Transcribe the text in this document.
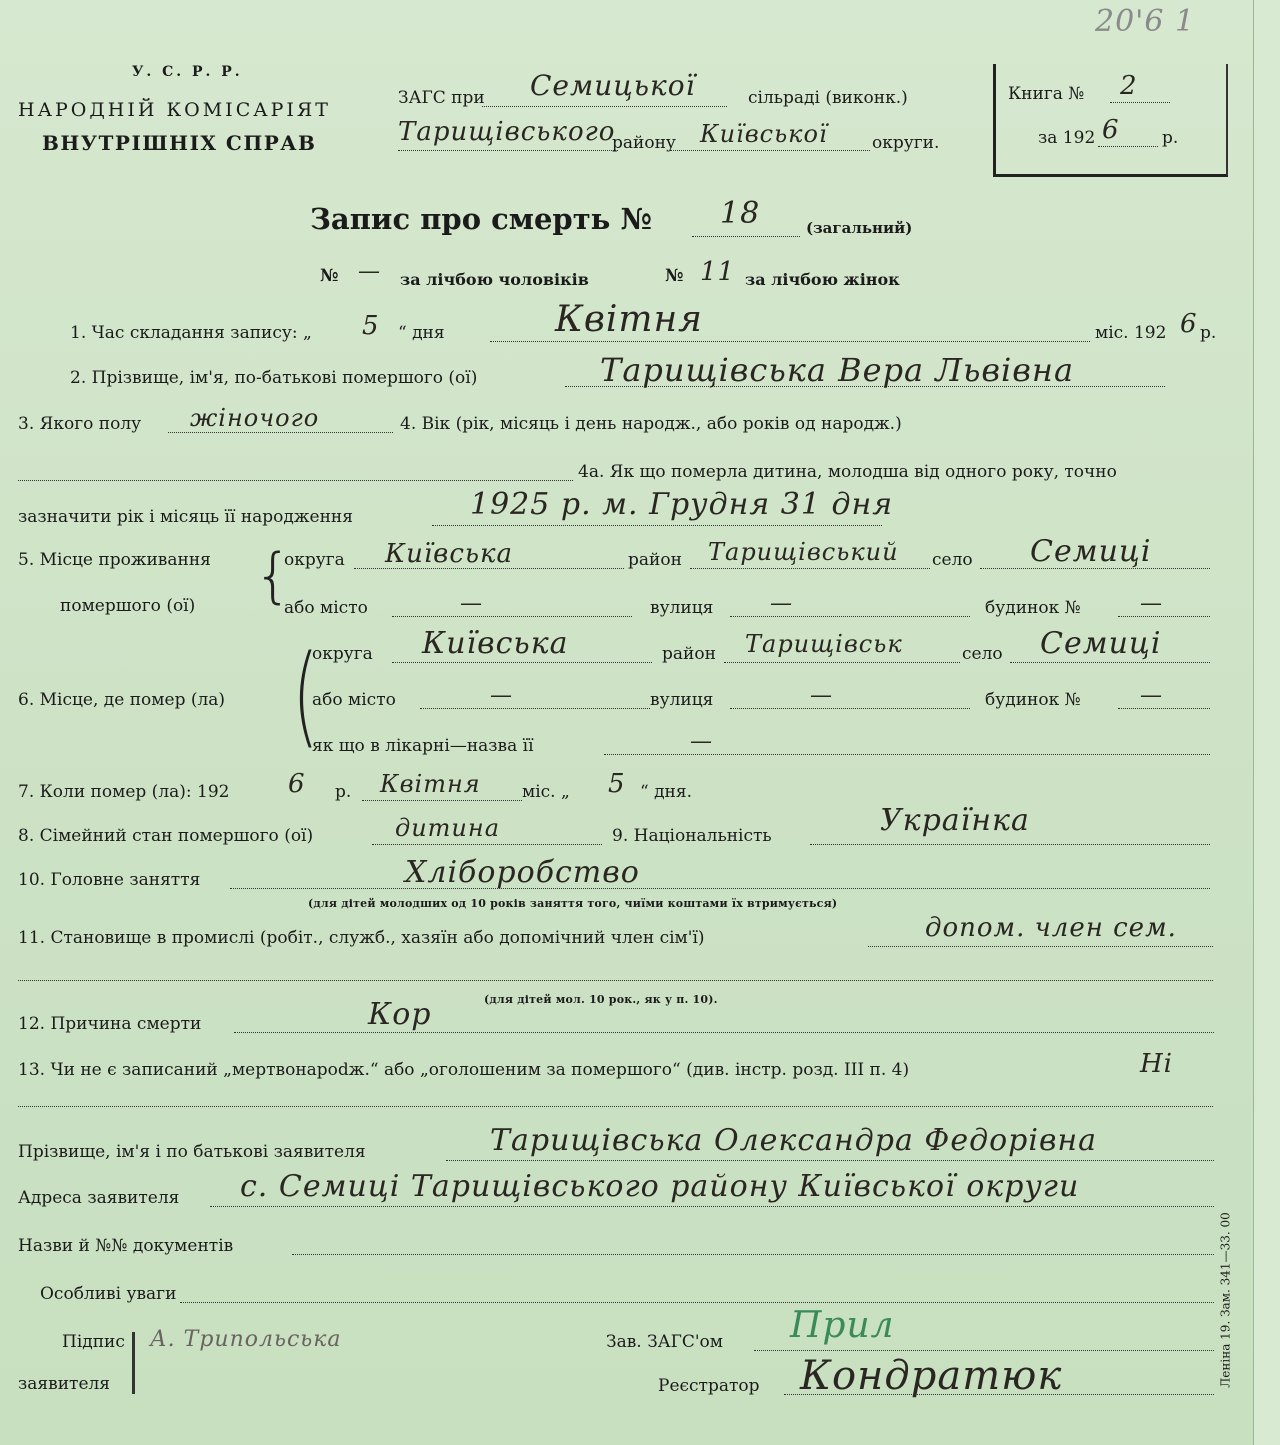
У. С. Р. Р.
НАРОДНІЙ КОМІСАРІЯТ
ВНУТРІШНІХ СПРАВ
ЗАГС при Семицької	сільраді (виконк.)
Тарищівського
району Київської	округи.
20'6 1
Книга № 2
за 192 6 р.
Запис про смерть № 18	(загальний)
№ — за лічбою чоловіків	№ 11 за лічбою жінок
1. Час складання запису: „ 5 “ дня	Квітня	міс. 192 6 р.
2. Прізвище, ім'я, по-батькові помершого (ої)	Тарищівська Вера Львівна
3. Якого полу жіночого	4. Вік (рік, місяць і день народж., або років од народж.)
4а. Як що померла дитина, молодша від одного року, точно
зазначити рік і місяць її народження	1925 р. м. Грудня 31 дня
5. Місце проживання
помершого (ої) {
округа Київська	район Тарищівський село Семиці
або місто	—	вулиця	—	будинок №	—
6. Місце, де помер (ла) (
округа Київська	район Тарищівськ	село Семиці
або місто	—	вулиця	—	будинок №	—
як що в лікарні—назва її	—
7. Коли помер (ла): 192 6 р. Квітня міс. „ 5 “ дня.
8. Сімейний стан помершого (ої)	дитина	9. Національність	Українка
10. Головне заняття	Хліборобство
(для дітей молодших од 10 років заняття того, чиїми коштами їх втримується)
11. Становище в промислі (робіт., служб., хазяїн або допомічний член сім'ї)	допом. член сем.
(для дітей мол. 10 рок., як у п. 10).
12. Причина смерти	Кор
13. Чи не є записаний „мертвонарodж.“ або „оголошеним за помершого“ (див. інстр. розд. III п. 4)	Ні
Прізвище, ім'я і по батькові заявителя	Тарищівська Олександра Федорівна
Адреса заявителя с. Семиці Тарищівського району Київської округи
Назви й №№ документів
Особливі уваги
Підпис
заявителя
А. Трипольська	Зав. ЗАГС'ом Прил
Реєстратор Кондратюк	Леніна 19. Зам. 341—33. 00
